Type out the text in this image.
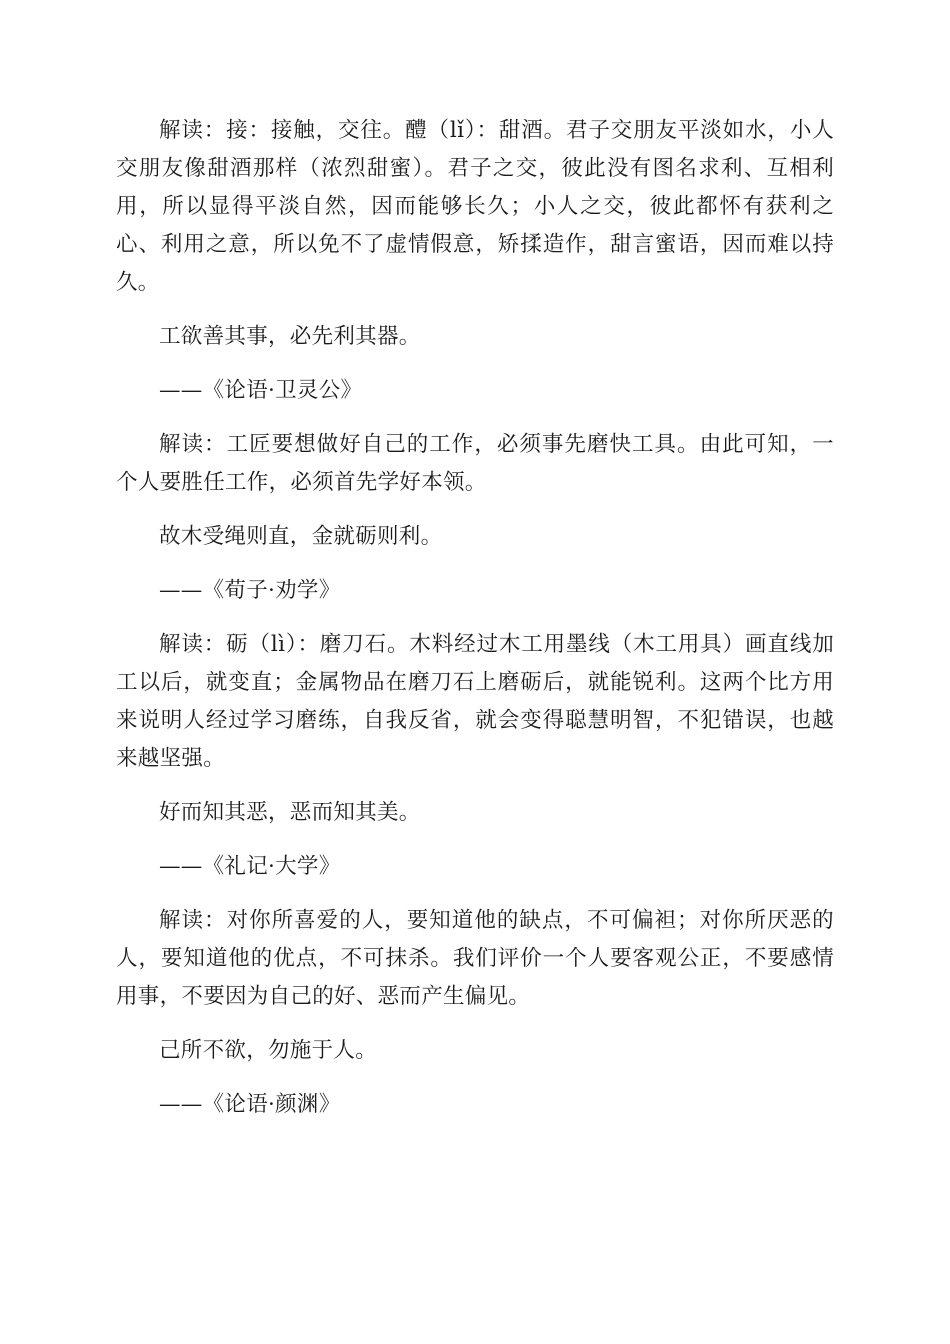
解读：接：接触，交往。醴（lǐ）：甜酒。君子交朋友平淡如水，小人交朋友像甜酒那样（浓烈甜蜜）。君子之交，彼此没有图名求利、互相利用，所以显得平淡自然，因而能够长久；小人之交，彼此都怀有获利之心、利用之意，所以免不了虚情假意，矫揉造作，甜言蜜语，因而难以持久。

工欲善其事，必先利其器。

——《论语·卫灵公》

解读：工匠要想做好自己的工作，必须事先磨快工具。由此可知，一个人要胜任工作，必须首先学好本领。

故木受绳则直，金就砺则利。

——《荀子·劝学》

解读：砺（lì）：磨刀石。木料经过木工用墨线（木工用具）画直线加工以后，就变直；金属物品在磨刀石上磨砺后，就能锐利。这两个比方用来说明人经过学习磨练，自我反省，就会变得聪慧明智，不犯错误，也越来越坚强。

好而知其恶，恶而知其美。

——《礼记·大学》

解读：对你所喜爱的人，要知道他的缺点，不可偏袒；对你所厌恶的人，要知道他的优点，不可抹杀。我们评价一个人要客观公正，不要感情用事，不要因为自己的好、恶而产生偏见。

己所不欲，勿施于人。

——《论语·颜渊》
